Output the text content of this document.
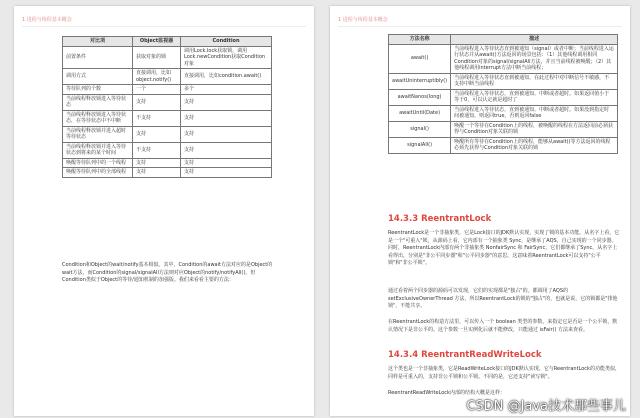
1 进程与线程基本概念
对比项	Object监视器	Condition
前置条件	获取对象的锁	调用Lock.lock获取锁，调用Lock.newCondition获取Condition对象
调用方式	直接调用，比如object.notify()	直接调用，比如condition.await()
等待队列的个数	一个	多个
当前线程释放锁进入等待状态	支持	支持
当前线程释放锁进入等待状态，在等待状态中不中断	不支持	支持
当前线程释放锁并进入超时等待状态	支持	支持
当前线程释放锁并进入等待状态到将来的某个时间	不支持	支持
唤醒等待队列中的一个线程	支持	支持
唤醒等待队列中的全部线程	支持	支持
Condition和Object的wait/notify基本相似。其中，Condition的await方法对应的是Object的wait方法，而Condition的signal/signalAll方法则对应Object的notify/notifyAll()。但Condition类似于Object的等待/通知机制的加强版。我们来看看主要的方法：
1 进程与线程基本概念
方法名称	描述
await()	当前线程进入等待状态直到被通知（signal）或者中断；当前线程进入运行状态并从await()方法返回的场景包括：（1）其他线程调用相同Condition对象的signal/signalAll方法，并且当前线程被唤醒；（2）其他线程调用interrupt方法中断当前线程；
awaitUninterruptibly()	当前线程进入等待状态直到被通知，在此过程中对中断信号不敏感，不支持中断当前线程
awaitNanos(long)	当前线程进入等待状态，直到被通知、中断或者超时。如果返回值小于等于0，可以认定就是超时了
awaitUntil(Date)	当前线程进入等待状态，直到被通知、中断或者超时。如果没到指定时间被通知，则返回true，否则返回false
signal()	唤醒一个等待在Condition上的线程，被唤醒的线程在方法返回前必须获得与Condition对象关联的锁
signalAll()	唤醒所有等待在Condition上的线程，能够从await()等方法返回的线程必须先获得与Condition对象关联的锁
14.3.3 ReentrantLock
ReentrantLock是一个非抽象类，它是Lock接口的JDK默认实现，实现了锁的基本功能。从名字上看，它是一个"可重入"锁，从源码上看，它内部有一个抽象类 Sync，是继承了AQS，自己实现的一个同步器。同时，ReentrantLock内部有两个非抽象类 NonfairSync 和 FairSync，它们都继承了Sync。从名字上看得出，分别是"非公平同步器"和"公平同步器"的意思。这意味着ReentrantLock可以支持"公平锁"和"非公平锁"。
通过看着两个同步器的源码可以发现，它们的实现都是"独占"的。都调用了AQS的 setExclusiveOwnerThread 方法，所以ReentrantLock的锁的"独占"的，也就是说，它的锁都是"排他锁"，不能共享。
在ReentrantLock的构造方法里，可以传入一个 boolean 类型的参数，来指定它是否是一个公平锁，默认情况下是非公平的。这个参数一旦实例化后就不能修改，只能通过 isFair() 方法来查看。
14.3.4 ReentrantReadWriteLock
这个类也是一个非抽象类，它是ReadWriteLock接口的JDK默认实现。它与ReentrantLock的功能类似，同样是可重入的，支持非公平锁和公平锁。不同的是，它还支持"读写锁"。
ReentrantReadWriteLock内部的结构大概是这样：
CSDN @Java技术那些事儿
